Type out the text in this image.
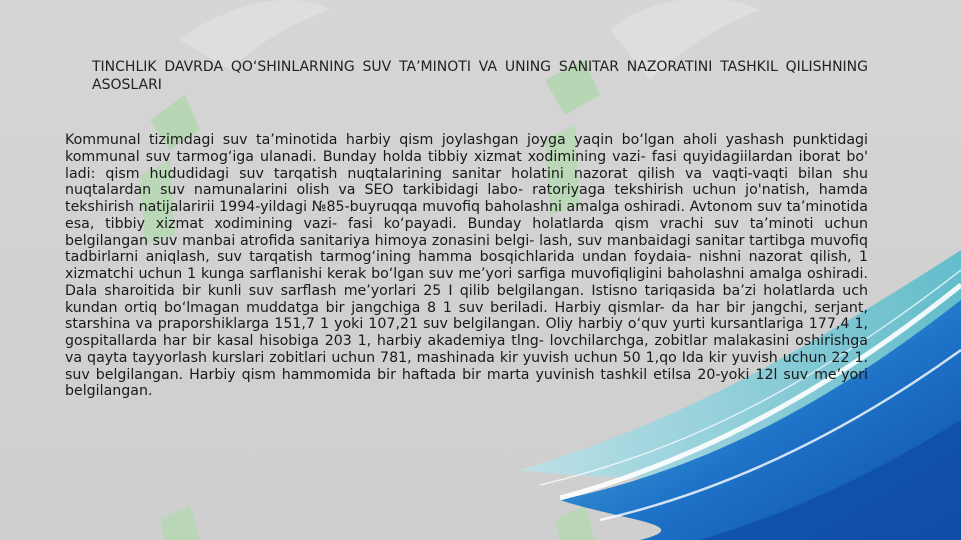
TINCHLIK DAVRDA QO‘SHINLARNING SUV TA’MINOTI VA UNING SANITAR NAZORATINI TASHKIL QILISHNING ASOSLARI
Kommunal tizimdagi suv ta’minotida harbiy qism joylashgan joyga yaqin bo‘lgan aholi yashash punktidagi kommunal suv tarmog‘iga ulanadi. Bunday holda tibbiy xizmat xodimining vazi- fasi quyidagiilardan iborat bo' ladi: qism hududidagi suv tarqatish nuqtalarining sanitar holatini nazorat qilish va vaqti-vaqti bilan shu nuqtalardan suv namunalarini olish va SEO tarkibidagi labo- ratoriyaga tekshirish uchun jo'natish, hamda tekshirish natijalaririi 1994-yildagi №85-buyruqqa muvofiq baholashni amalga oshiradi. Avtonom suv ta’minotida esa, tibbiy xizmat xodimining vazi- fasi ko‘payadi. Bunday holatlarda qism vrachi suv ta’minoti uchun belgilangan suv manbai atrofida sanitariya himoya zonasini belgi- lash, suv manbaidagi sanitar tartibga muvofiq tadbirlarni aniqlash, suv tarqatish tarmog‘ining hamma bosqichlarida undan foydaia- nishni nazorat qilish, 1 xizmatchi uchun 1 kunga sarflanishi kerak bo‘lgan suv me’yori sarfiga muvofiqligini baholashni amalga oshiradi. Dala sharoitida bir kunli suv sarflash me’yorlari 25 I qilib belgilangan. Istisno tariqasida ba’zi holatlarda uch kundan ortiq bo‘lmagan muddatga bir jangchiga 8 1 suv beriladi. Harbiy qismlar- da har bir jangchi, serjant, starshina va praporshiklarga 151,7 1 yoki 107,21 suv belgilangan. Oliy harbiy o‘quv yurti kursantlariga 177,4 1, gospitallarda har bir kasal hisobiga 203 1, harbiy akademiya tlng- lovchilarchga, zobitlar malakasini oshirishga va qayta tayyorlash kurslari zobitlari uchun 781, mashinada kir yuvish uchun 50 1,qo Ida kir yuvish uchun 22 1. suv belgilangan. Harbiy qism hammomida bir haftada bir marta yuvinish tashkil etilsa 20-yoki 12l suv me’yori belgilangan.
